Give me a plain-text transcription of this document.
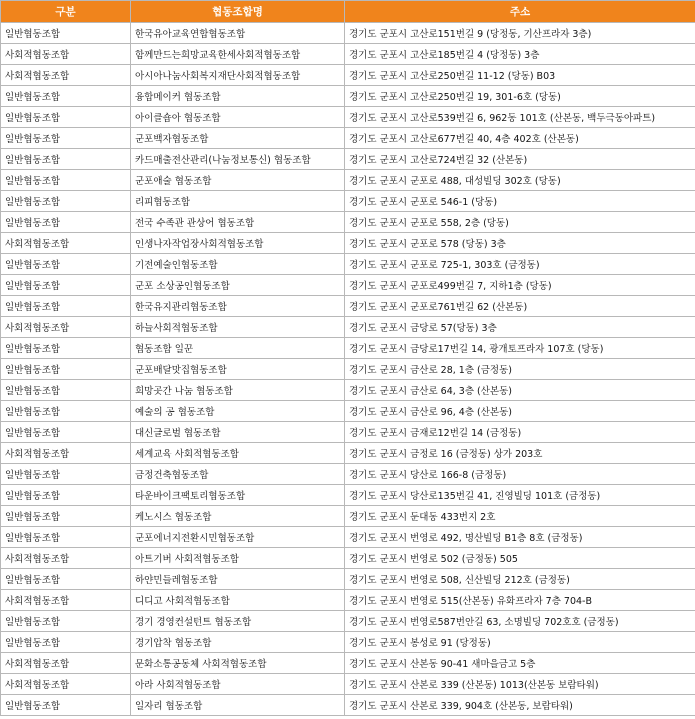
구분	협동조합명	주소
일반협동조합	한국유아교육연합협동조합	경기도 군포시 고산로151번길 9 (당정동, 기산프라자 3층)
사회적협동조합	함께만드는희망교육한세사회적협동조합	경기도 군포시 고산로185번길 4 (당정동) 3층
사회적협동조합	아시아나눔사회복지재단사회적협동조합	경기도 군포시 고산로250번길 11-12 (당동) B03
일반협동조합	융합메이커 협동조합	경기도 군포시 고산로250번길 19, 301-6호 (당동)
일반협동조합	아이클숍아 협동조합	경기도 군포시 고산로539번길 6, 962동 101호 (산본동, 백두극동아파트)
일반협동조합	군포백자협동조합	경기도 군포시 고산로677번길 40, 4층 402호 (산본동)
일반협동조합	카드매출전산관리(나눔정보통신) 협동조합	경기도 군포시 고산로724번길 32 (산본동)
일반협동조합	군포애술 협동조합	경기도 군포시 군포로 488, 대성빌딩 302호 (당동)
일반협동조합	리피협동조합	경기도 군포시 군포로 546-1 (당동)
일반협동조합	전국 수족관 관상어 협동조합	경기도 군포시 군포로 558, 2층 (당동)
사회적협동조합	인생나자작업장사회적협동조합	경기도 군포시 군포로 578 (당동) 3층
일반협동조합	기전예술인협동조합	경기도 군포시 군포로 725-1, 303호 (금정동)
일반협동조합	군포 소상공인협동조합	경기도 군포시 군포로499번길 7, 지하1층 (당동)
일반협동조합	한국유지관리협동조합	경기도 군포시 군포로761번길 62 (산본동)
사회적협동조합	하늘사회적협동조합	경기도 군포시 금당로 57(당동) 3층
일반협동조합	협동조합 일꾼	경기도 군포시 금당로17번길 14, 광개토프라자 107호 (당동)
일반협동조합	군포배달맛집협동조합	경기도 군포시 금산로 28, 1층 (금정동)
일반협동조합	희망곳간 나눔 협동조합	경기도 군포시 금산로 64, 3층 (산본동)
일반협동조합	예술의 공 협동조합	경기도 군포시 금산로 96, 4층 (산본동)
일반협동조합	대신글로벌 협동조합	경기도 군포시 금재로12번길 14 (금정동)
사회적협동조합	세계교육 사회적협동조합	경기도 군포시 금정로 16 (금정동) 상가 203호
일반협동조합	금정건축협동조합	경기도 군포시 당산로 166-8 (금정동)
일반협동조합	타운바이크팩토리협동조합	경기도 군포시 당산로135번길 41, 진영빌딩 101호 (금정동)
일반협동조합	케노시스 협동조합	경기도 군포시 둔대동 433번지 2호
일반협동조합	군포에너지전환시민협동조합	경기도 군포시 번영로 492, 명산빌딩 B1층 8호 (금정동)
사회적협동조합	아트기버 사회적협동조합	경기도 군포시 번영로 502 (금정동) 505
일반협동조합	하얀민들레협동조합	경기도 군포시 번영로 508, 신산빌딩 212호 (금정동)
사회적협동조합	디디고 사회적협동조합	경기도 군포시 번영로 515(산본동) 유화프라자 7층 704-B
일반협동조합	경기 경영컨설턴트 협동조합	경기도 군포시 번영로587번안길 63, 소명빌딩 702호호 (금정동)
일반협동조합	경기압착 협동조합	경기도 군포시 봉성로 91 (당정동)
사회적협동조합	문화소통공동체 사회적협동조합	경기도 군포시 산본동 90-41 새마을금고 5층
사회적협동조합	아라 사회적협동조합	경기도 군포시 산본로 339 (산본동) 1013(산본동 보람타워)
일반협동조합	일자리 협동조합	경기도 군포시 산본로 339, 904호 (산본동, 보람타워)
